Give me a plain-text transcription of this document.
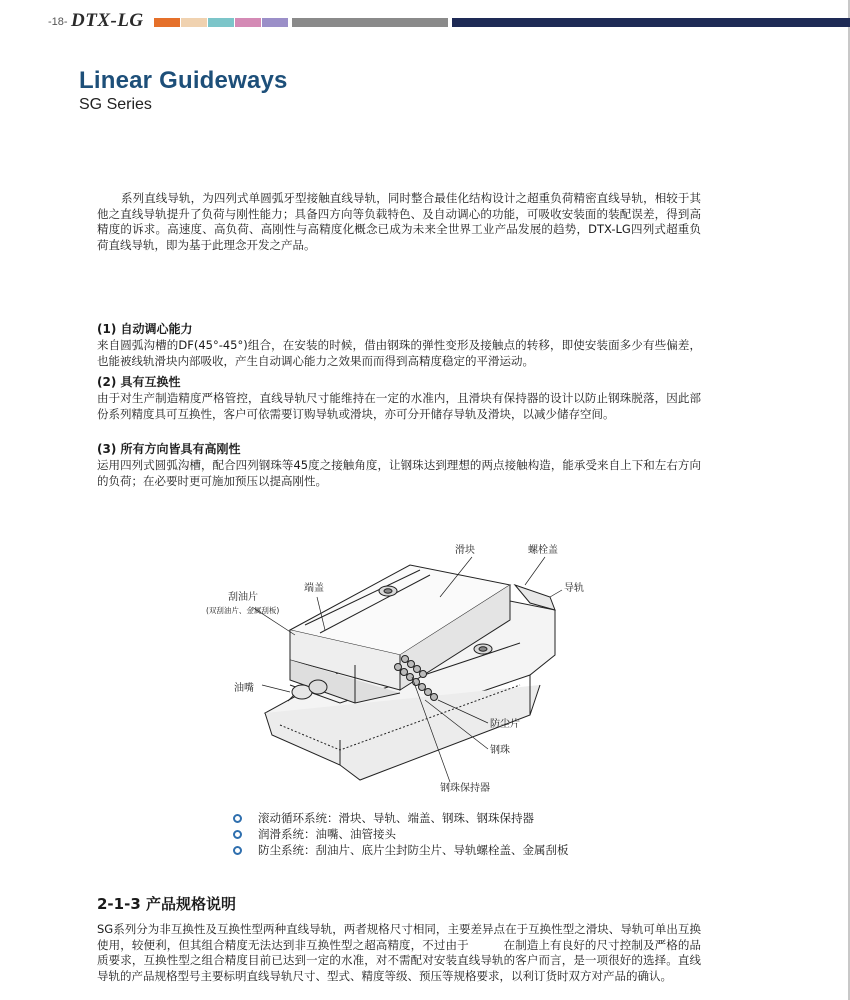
-18- DTX-LG
Linear Guideways
SG Series

系列直线导轨，为四列式单圆弧牙型接触直线导轨，同时整合最佳化结构设计之超重负荷精密直线导轨，相较于其他之直线导轨提升了负荷与刚性能力；具备四方向等负载特色、及自动调心的功能，可吸收安装面的装配误差，得到高精度的诉求。高速度、高负荷、高刚性与高精度化概念已成为未来全世界工业产品发展的趋势，DTX-LG四列式超重负荷直线导轨，即为基于此理念开发之产品。

(1) 自动调心能力

来自圆弧沟槽的DF(45°-45°)组合，在安装的时候，借由钢珠的弹性变形及接触点的转移，即使安装面多少有些偏差，也能被线轨滑块内部吸收，产生自动调心能力之效果而而得到高精度稳定的平滑运动。

(2) 具有互换性

由于对生产制造精度严格管控，直线导轨尺寸能维持在一定的水准内，且滑块有保持器的设计以防止钢珠脱落，因此部份系列精度具可互换性，客户可依需要订购导轨或滑块，亦可分开储存导轨及滑块，以减少储存空间。

(3) 所有方向皆具有高刚性

运用四列式圆弧沟槽，配合四列钢珠等45度之接触角度，让钢珠达到理想的两点接触构造，能承受来自上下和左右方向的负荷；在必要时更可施加预压以提高刚性。

滑块	螺栓盖
导轨
刮油片
(双刮油片、金属刮板)
端盖
油嘴
防尘片
钢珠
钢珠保持器
滚动循环系统：滑块、导轨、端盖、钢珠、钢珠保持器
润滑系统：油嘴、油管接头
防尘系统：刮油片、底片尘封防尘片、导轨螺栓盖、金属刮板
2-1-3 产品规格说明

SG系列分为非互换性及互换性型两种直线导轨，两者规格尺寸相同，主要差异点在于互换性型之滑块、导轨可单出互换使用，较便利，但其组合精度无法达到非互换性型之超高精度，不过由于　　　在制造上有良好的尺寸控制及严格的品质要求，互换性型之组合精度目前已达到一定的水准，对不需配对安装直线导轨的客户而言，是一项很好的选择。直线导轨的产品规格型号主要标明直线导轨尺寸、型式、精度等级、预压等规格要求，以利订货时双方对产品的确认。
